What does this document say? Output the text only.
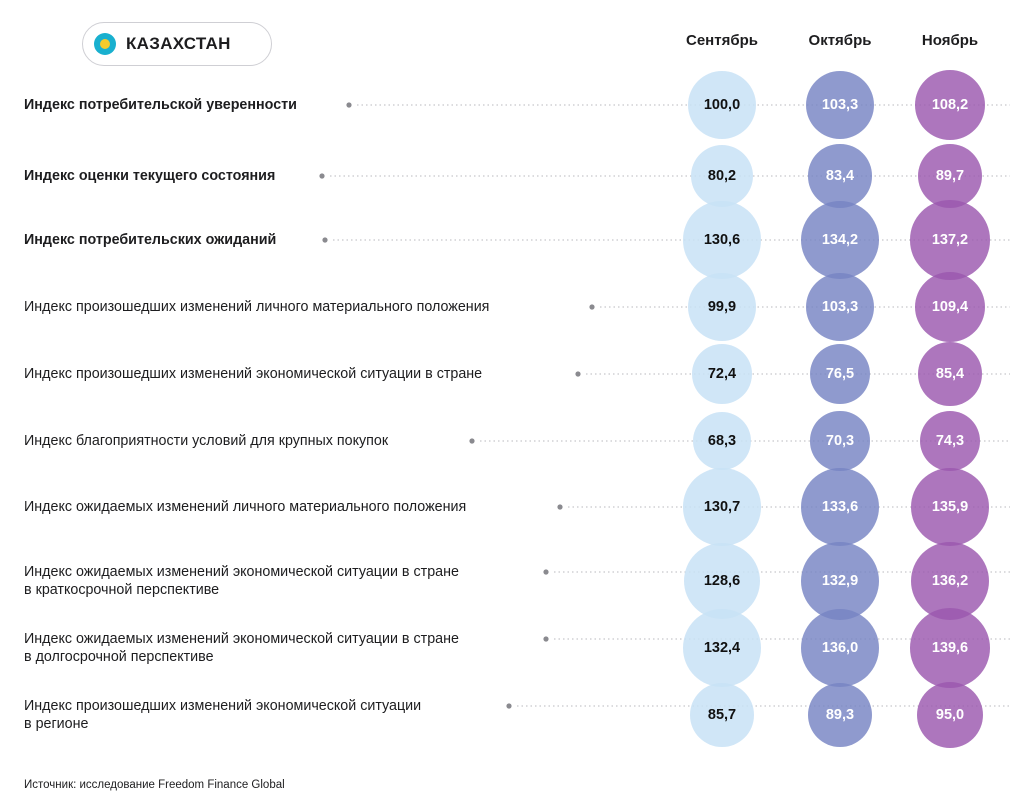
КАЗАХСТАН	Сентябрь	Октябрь	Ноябрь
Индекс потребительской уверенности	100,0	103,3	108,2
Индекс оценки текущего состояния	80,2	83,4	89,7
Индекс потребительских ожиданий	130,6	134,2	137,2
Индекс произошедших изменений личного материального положения	99,9	103,3	109,4
Индекс произошедших изменений экономической ситуации в стране	72,4	76,5	85,4
Индекс благоприятности условий для крупных покупок	68,3	70,3	74,3
Индекс ожидаемых изменений личного материального положения	130,7	133,6	135,9
Индекс ожидаемых изменений экономической ситуации в стране
в краткосрочной перспективе
128,6	132,9	136,2
Индекс ожидаемых изменений экономической ситуации в стране
в долгосрочной перспективе
132,4	136,0	139,6
Индекс произошедших изменений экономической ситуации
в регионе
85,7	89,3	95,0
Источник: исследование Freedom Finance Global
